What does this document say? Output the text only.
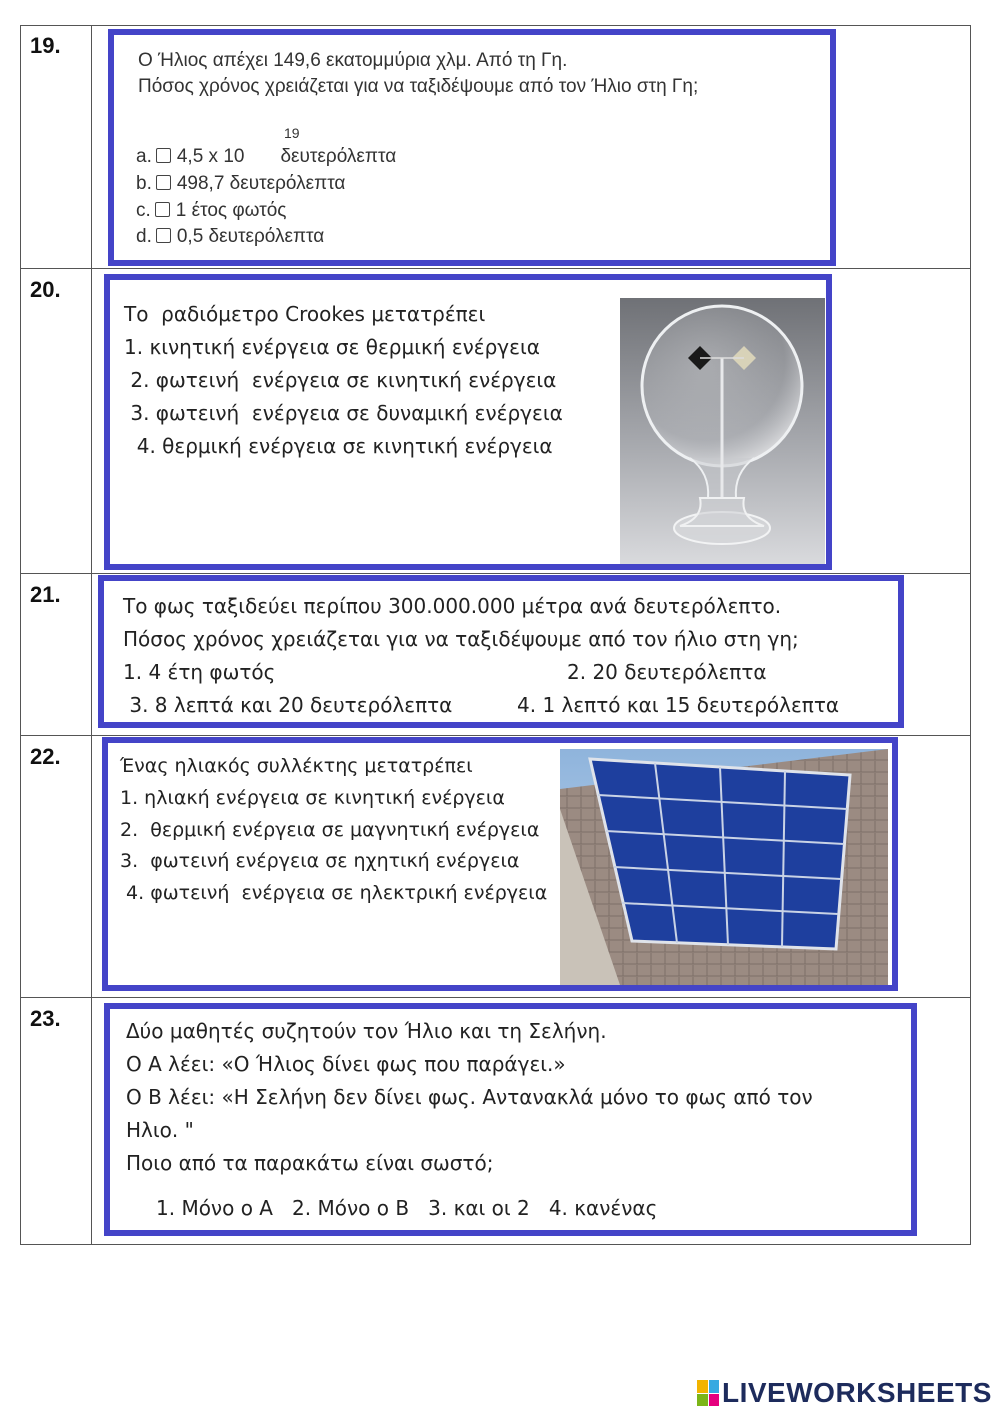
19.
20.
21.
22.
23.
Ο Ήλιος απέχει 149,6 εκατομμύρια χλμ. Από τη Γη.
Πόσος χρόνος χρειάζεται για να ταξιδέψουμε από τον Ήλιο στη Γη;
19
a. 4,5 x 10 δευτερόλεπτα
b. 498,7 δευτερόλεπτα
c. 1 έτος φωτός
d. 0,5 δευτερόλεπτα
Το  ραδιόμετρο Crookes μετατρέπει
1. κινητική ενέργεια σε θερμική ενέργεια
2. φωτεινή  ενέργεια σε κινητική ενέργεια
3. φωτεινή  ενέργεια σε δυναμική ενέργεια
4. θερμική ενέργεια σε κινητική ενέργεια
Το φως ταξιδεύει περίπου 300.000.000 μέτρα ανά δευτερόλεπτο.
Πόσος χρόνος χρειάζεται για να ταξιδέψουμε από τον ήλιο στη γη;
1. 4 έτη φωτός	2. 20 δευτερόλεπτα
3. 8 λεπτά και 20 δευτερόλεπτα	4. 1 λεπτό και 15 δευτερόλεπτα
Ένας ηλιακός συλλέκτης μετατρέπει
1. ηλιακή ενέργεια σε κινητική ενέργεια
2.  θερμική ενέργεια σε μαγνητική ενέργεια
3.  φωτεινή ενέργεια σε ηχητική ενέργεια
4. φωτεινή  ενέργεια σε ηλεκτρική ενέργεια
Δύο μαθητές συζητούν τον Ήλιο και τη Σελήνη.
Ο Α λέει: «Ο Ήλιος δίνει φως που παράγει.»
Ο Β λέει: «Η Σελήνη δεν δίνει φως. Αντανακλά μόνο το φως από τον
Ηλιο. "
Ποιο από τα παρακάτω είναι σωστό;
1. Μόνο ο Α   2. Μόνο ο Β   3. και οι 2   4. κανένας
LIVEWORKSHEETS
